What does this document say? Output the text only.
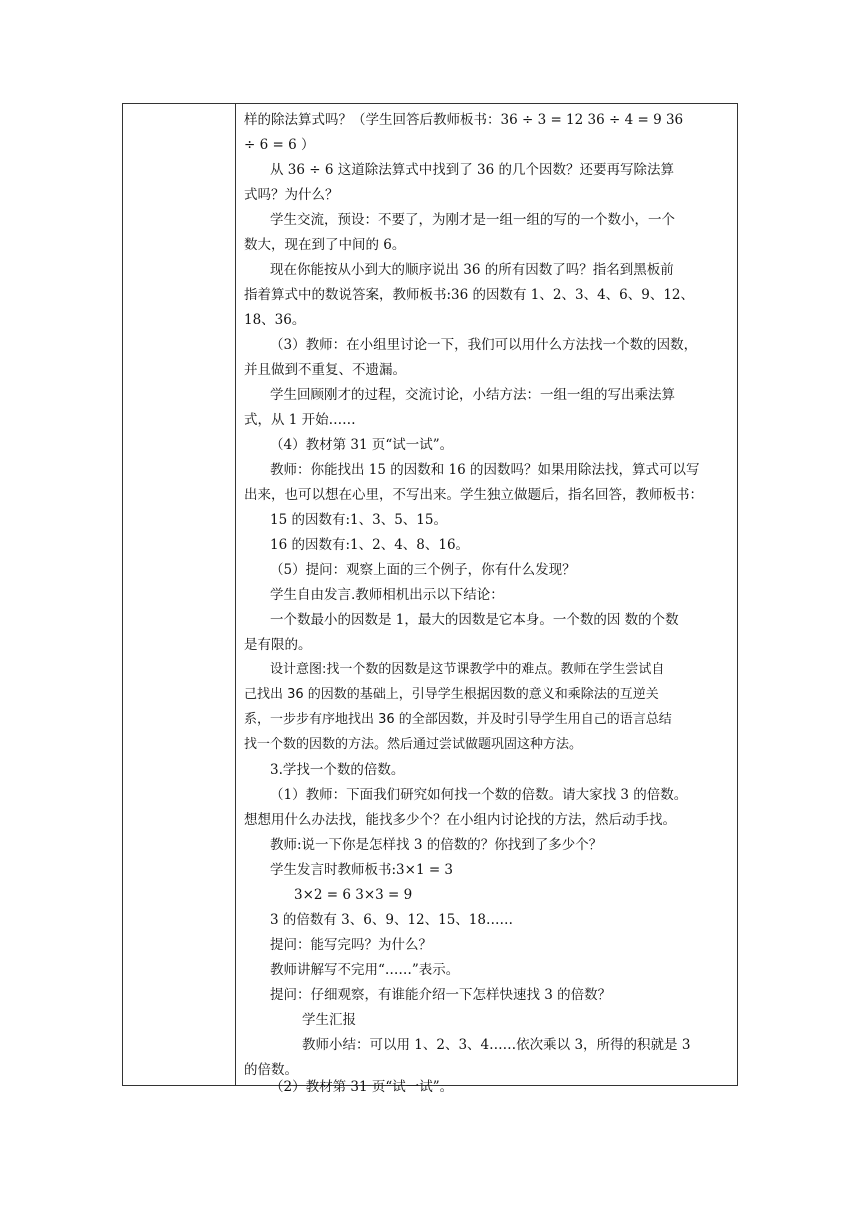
样的除法算式吗？（学生回答后教师板书：36 ÷ 3 = 12 36 ÷ 4 = 9 36
÷ 6 = 6 ）
从 36 ÷ 6 这道除法算式中找到了 36 的几个因数？还要再写除法算
式吗？为什么？
学生交流，预设：不要了，为刚才是一组一组的写的一个数小，一个
数大，现在到了中间的 6。
现在你能按从小到大的顺序说出 36 的所有因数了吗？指名到黑板前
指着算式中的数说答案，教师板书:36 的因数有 1、2、3、4、6、9、12、
18、36。
（3）教师：在小组里讨论一下，我们可以用什么方法找一个数的因数，
并且做到不重复、不遗漏。
学生回顾刚才的过程，交流讨论，小结方法：一组一组的写出乘法算
式，从 1 开始……
（4）教材第 31 页“试一试”。
教师：你能找出 15 的因数和 16 的因数吗？如果用除法找，算式可以写
出来，也可以想在心里，不写出来。学生独立做题后，指名回答，教师板书：
15 的因数有:1、3、5、15。
16 的因数有:1、2、4、8、16。
（5）提问：观察上面的三个例子，你有什么发现？
学生自由发言.教师相机出示以下结论：
一个数最小的因数是 1，最大的因数是它本身。一个数的因 数的个数
是有限的。
设计意图:找一个数的因数是这节课教学中的难点。教师在学生尝试自
己找出 36 的因数的基础上，引导学生根据因数的意义和乘除法的互逆关
系，一步步有序地找出 36 的全部因数，并及时引导学生用自己的语言总结
找一个数的因数的方法。然后通过尝试做题巩固这种方法。
3.学找一个数的倍数。
（1）教师：下面我们研究如何找一个数的倍数。请大家找 3 的倍数。
想想用什么办法找，能找多少个？在小组内讨论找的方法，然后动手找。
教师:说一下你是怎样找 3 的倍数的？你找到了多少个？
学生发言时教师板书:3×1 = 3
3×2 = 6 3×3 = 9
3 的倍数有 3、6、9、12、15、18……
提问：能写完吗？为什么？
教师讲解写不完用“……”表示。
提问：仔细观察，有谁能介绍一下怎样快速找 3 的倍数？
学生汇报
教师小结：可以用 1、2、3、4……依次乘以 3，所得的积就是 3
的倍数。
（2）教材第 31 页“试一试”。
